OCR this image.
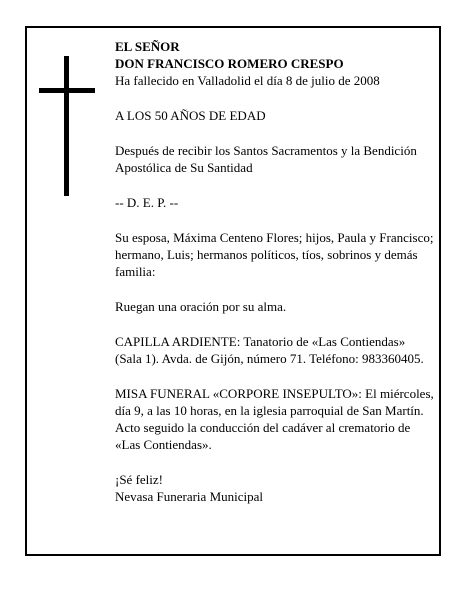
EL SEÑOR

DON FRANCISCO ROMERO CRESPO

Ha fallecido en Valladolid el día 8 de julio de 2008

A LOS 50 AÑOS DE EDAD

Después de recibir los Santos Sacramentos y la Bendición Apostólica de Su Santidad

-- D. E. P. --

Su esposa, Máxima Centeno Flores; hijos, Paula y Francisco; hermano, Luis; hermanos políticos, tíos, sobrinos y demás familia:

Ruegan una oración por su alma.

CAPILLA ARDIENTE: Tanatorio de «Las Contiendas» (Sala 1). Avda. de Gijón, número 71. Teléfono: 983360405.

MISA FUNERAL «CORPORE INSEPULTO»: El miércoles, día 9, a las 10 horas, en la iglesia parroquial de San Martín. Acto seguido la conducción del cadáver al crematorio de «Las Contiendas».

¡Sé feliz!

Nevasa Funeraria Municipal
